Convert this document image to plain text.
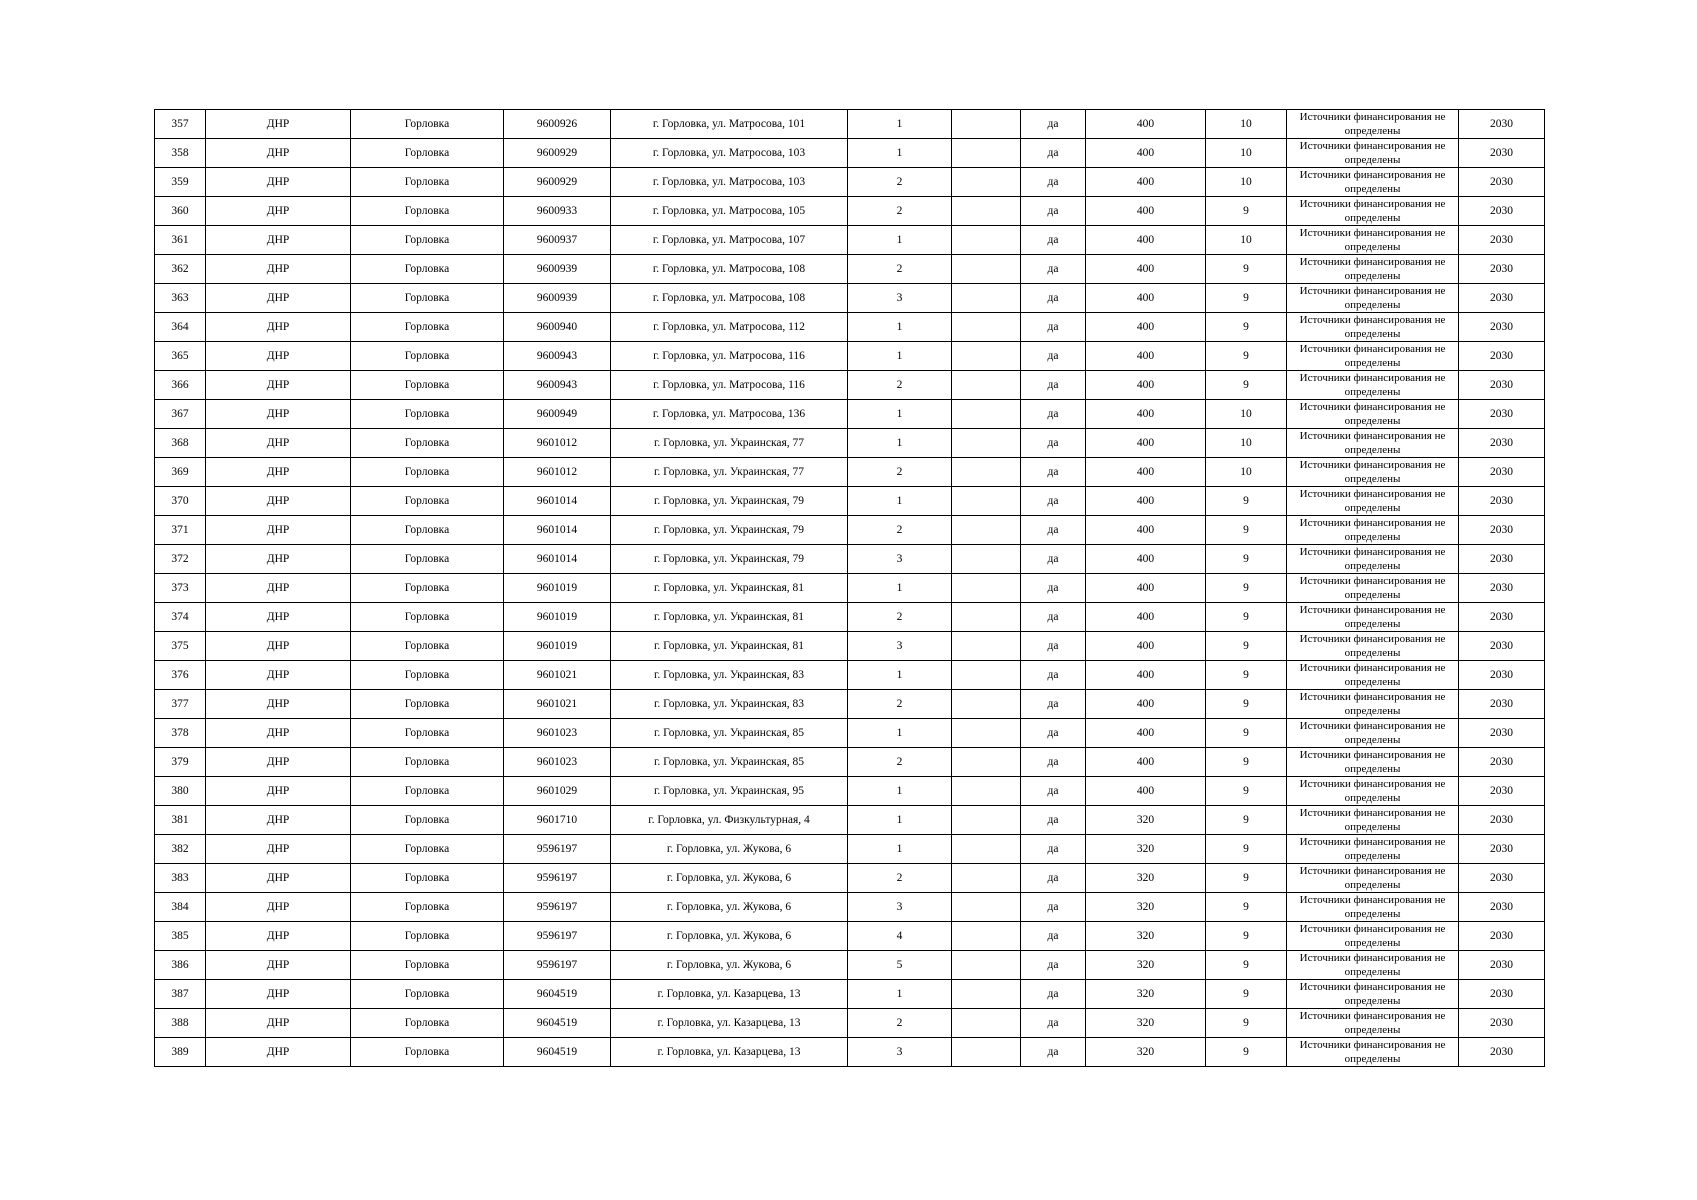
357	ДНР	Горловка	9600926	г. Горловка, ул. Матросова, 101	1		да	400	10	Источники финансирования не определены	2030
358	ДНР	Горловка	9600929	г. Горловка, ул. Матросова, 103	1		да	400	10	Источники финансирования не определены	2030
359	ДНР	Горловка	9600929	г. Горловка, ул. Матросова, 103	2		да	400	10	Источники финансирования не определены	2030
360	ДНР	Горловка	9600933	г. Горловка, ул. Матросова, 105	2		да	400	9	Источники финансирования не определены	2030
361	ДНР	Горловка	9600937	г. Горловка, ул. Матросова, 107	1		да	400	10	Источники финансирования не определены	2030
362	ДНР	Горловка	9600939	г. Горловка, ул. Матросова, 108	2		да	400	9	Источники финансирования не определены	2030
363	ДНР	Горловка	9600939	г. Горловка, ул. Матросова, 108	3		да	400	9	Источники финансирования не определены	2030
364	ДНР	Горловка	9600940	г. Горловка, ул. Матросова, 112	1		да	400	9	Источники финансирования не определены	2030
365	ДНР	Горловка	9600943	г. Горловка, ул. Матросова, 116	1		да	400	9	Источники финансирования не определены	2030
366	ДНР	Горловка	9600943	г. Горловка, ул. Матросова, 116	2		да	400	9	Источники финансирования не определены	2030
367	ДНР	Горловка	9600949	г. Горловка, ул. Матросова, 136	1		да	400	10	Источники финансирования не определены	2030
368	ДНР	Горловка	9601012	г. Горловка, ул. Украинская, 77	1		да	400	10	Источники финансирования не определены	2030
369	ДНР	Горловка	9601012	г. Горловка, ул. Украинская, 77	2		да	400	10	Источники финансирования не определены	2030
370	ДНР	Горловка	9601014	г. Горловка, ул. Украинская, 79	1		да	400	9	Источники финансирования не определены	2030
371	ДНР	Горловка	9601014	г. Горловка, ул. Украинская, 79	2		да	400	9	Источники финансирования не определены	2030
372	ДНР	Горловка	9601014	г. Горловка, ул. Украинская, 79	3		да	400	9	Источники финансирования не определены	2030
373	ДНР	Горловка	9601019	г. Горловка, ул. Украинская, 81	1		да	400	9	Источники финансирования не определены	2030
374	ДНР	Горловка	9601019	г. Горловка, ул. Украинская, 81	2		да	400	9	Источники финансирования не определены	2030
375	ДНР	Горловка	9601019	г. Горловка, ул. Украинская, 81	3		да	400	9	Источники финансирования не определены	2030
376	ДНР	Горловка	9601021	г. Горловка, ул. Украинская, 83	1		да	400	9	Источники финансирования не определены	2030
377	ДНР	Горловка	9601021	г. Горловка, ул. Украинская, 83	2		да	400	9	Источники финансирования не определены	2030
378	ДНР	Горловка	9601023	г. Горловка, ул. Украинская, 85	1		да	400	9	Источники финансирования не определены	2030
379	ДНР	Горловка	9601023	г. Горловка, ул. Украинская, 85	2		да	400	9	Источники финансирования не определены	2030
380	ДНР	Горловка	9601029	г. Горловка, ул. Украинская, 95	1		да	400	9	Источники финансирования не определены	2030
381	ДНР	Горловка	9601710	г. Горловка, ул. Физкультурная, 4	1		да	320	9	Источники финансирования не определены	2030
382	ДНР	Горловка	9596197	г. Горловка, ул. Жукова, 6	1		да	320	9	Источники финансирования не определены	2030
383	ДНР	Горловка	9596197	г. Горловка, ул. Жукова, 6	2		да	320	9	Источники финансирования не определены	2030
384	ДНР	Горловка	9596197	г. Горловка, ул. Жукова, 6	3		да	320	9	Источники финансирования не определены	2030
385	ДНР	Горловка	9596197	г. Горловка, ул. Жукова, 6	4		да	320	9	Источники финансирования не определены	2030
386	ДНР	Горловка	9596197	г. Горловка, ул. Жукова, 6	5		да	320	9	Источники финансирования не определены	2030
387	ДНР	Горловка	9604519	г. Горловка, ул. Казарцева, 13	1		да	320	9	Источники финансирования не определены	2030
388	ДНР	Горловка	9604519	г. Горловка, ул. Казарцева, 13	2		да	320	9	Источники финансирования не определены	2030
389	ДНР	Горловка	9604519	г. Горловка, ул. Казарцева, 13	3		да	320	9	Источники финансирования не определены	2030
